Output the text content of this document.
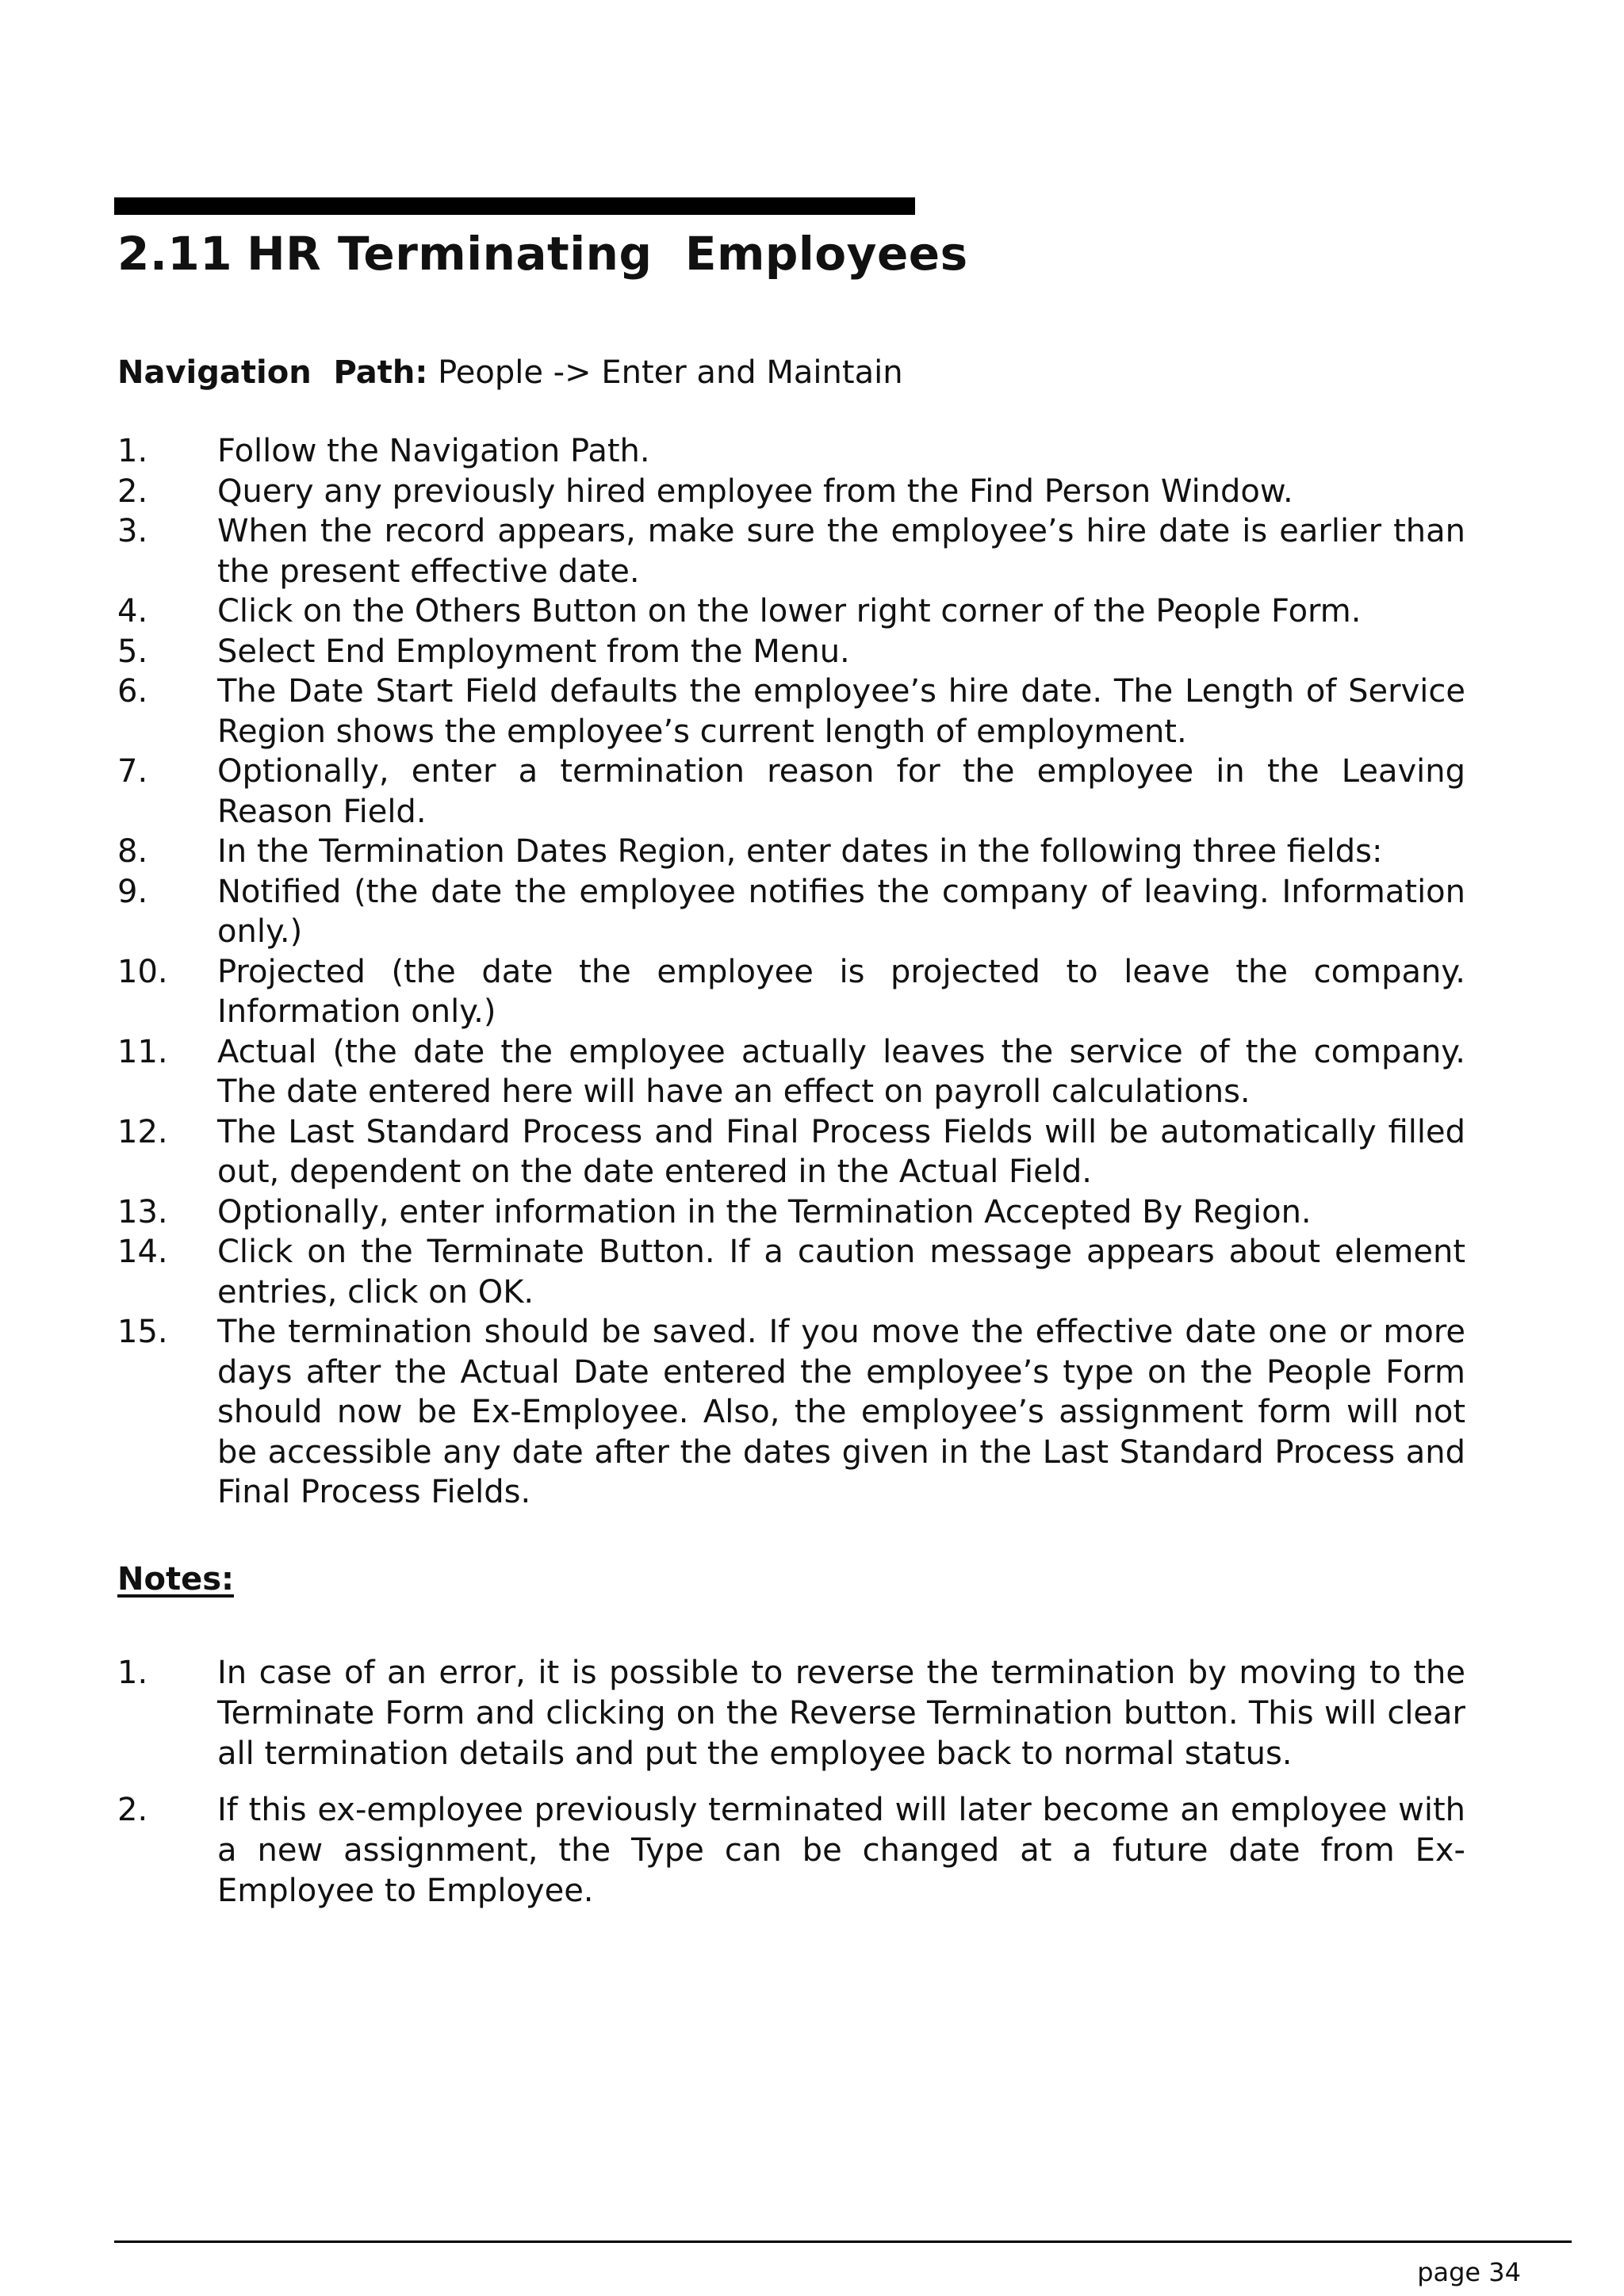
2.11 HR Terminating  Employees
Navigation  Path: People -> Enter and Maintain
1. Follow the Navigation Path.
2. Query any previously hired employee from the Find Person Window.
3. When the record appears, make sure the employee’s hire date is earlier than the present effective date.
4. Click on the Others Button on the lower right corner of the People Form.
5. Select End Employment from the Menu.
6. The Date Start Field defaults the employee’s hire date. The Length of Service Region shows the employee’s current length of employment.
7. Optionally, enter a termination reason for the employee in the Leaving Reason Field.
8. In the Termination Dates Region, enter dates in the following three fields:
9. Notified (the date the employee notifies the company of leaving. Information only.)
10. Projected (the date the employee is projected to leave the company. Information only.)
11. Actual (the date the employee actually leaves the service of the company. The date entered here will have an effect on payroll calculations.
12. The Last Standard Process and Final Process Fields will be automatically filled out, dependent on the date entered in the Actual Field.
13. Optionally, enter information in the Termination Accepted By Region.
14. Click on the Terminate Button. If a caution message appears about element entries, click on OK.
15. The termination should be saved. If you move the effective date one or more days after the Actual Date entered the employee’s type on the People Form should now be Ex-Employee. Also, the employee’s assignment form will not be accessible any date after the dates given in the Last Standard Process and Final Process Fields.
Notes:
1. In case of an error, it is possible to reverse the termination by moving to the Terminate Form and clicking on the Reverse Termination button. This will clear all termination details and put the employee back to normal status.
2. If this ex-employee previously terminated will later become an employee with a new assignment, the Type can be changed at a future date from Ex-Employee to Employee.
page 34
